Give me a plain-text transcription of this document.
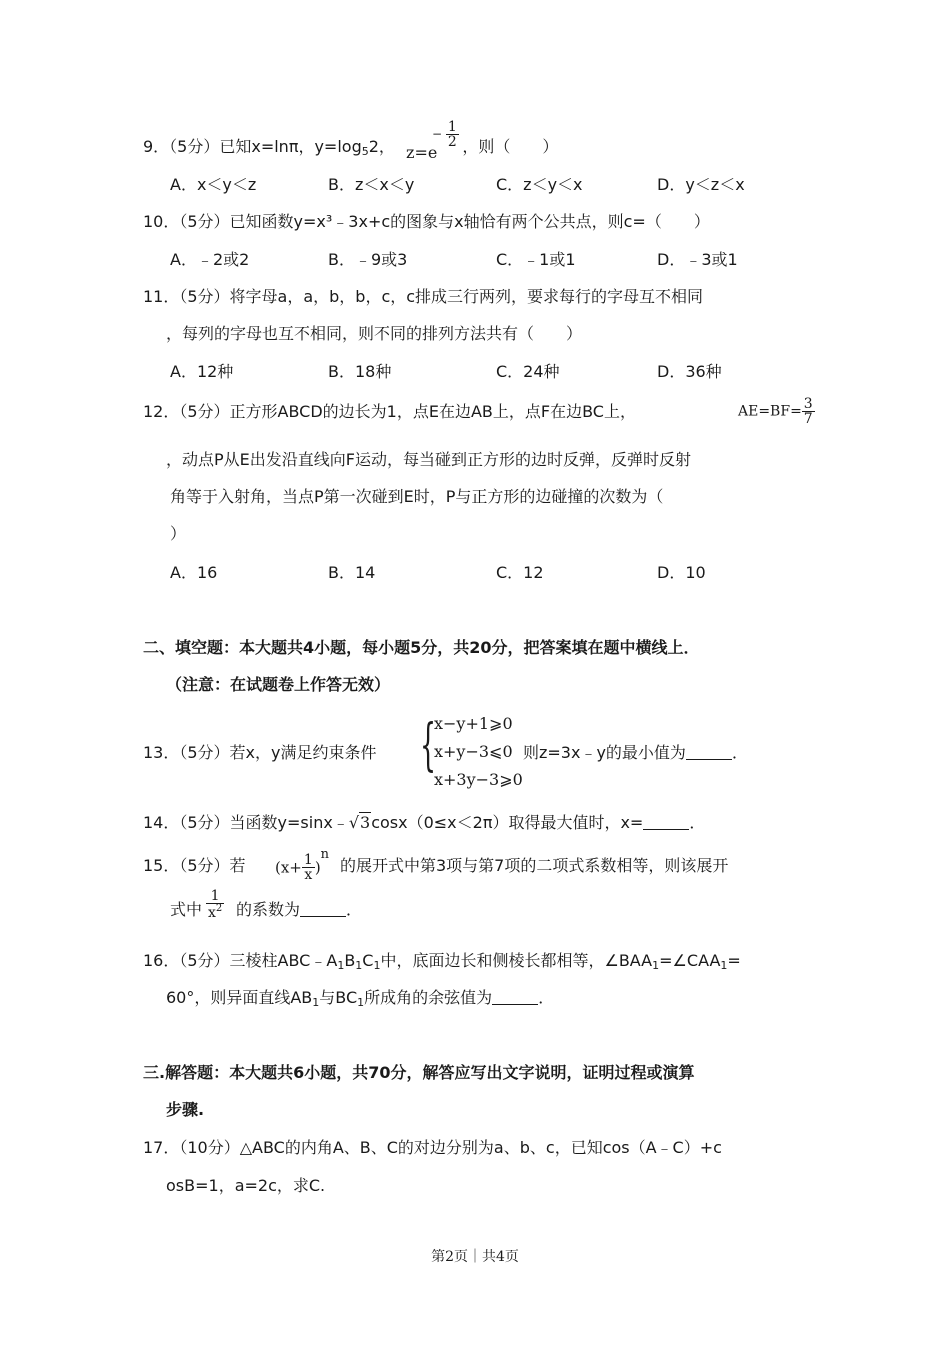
9．（5分）已知x=lnπ，$y=\log_52$， z=e
− $\frac{1}{2}$ ，则（　　）
A．x＜y＜z	B．z＜x＜y	C．z＜y＜x	D．y＜z＜x
10．（5分）已知函数y=x³﹣3x+c的图象与x轴恰有两个公共点，则c=（　　）
A．﹣2或2	B．﹣9或3	C．﹣1或1	D．﹣3或1
11．（5分）将字母a，a，b，b，c，c排成三行两列，要求每行的字母互不相同
，每列的字母也互不相同，则不同的排列方法共有（　　）
A．12种	B．18种	C．24种	D．36种
12．（5分）正方形ABCD的边长为1，点E在边AB上，点F在边BC上，	$AE=BF= \frac{3}{7}$
，动点P从E出发沿直线向F运动，每当碰到正方形的边时反弹，反弹时反射
角等于入射角，当点P第一次碰到E时，P与正方形的边碰撞的次数为（
）
A．16	B．14	C．12	D．10
二、填空题：本大题共4小题，每小题5分，共20分，把答案填在题中横线上．
（注意：在试题卷上作答无效）
13．（5分）若x，y满足约束条件 {
x−y+1⩾0
x+y−3⩽0
x+3y−3⩾0
则z=3x﹣y的最小值为	．
14．（5分）当函数y=sinx﹣√3cosx（0≤x＜2π）取得最大值时，x=	．
15．（5分）若 $(x+ \frac{1}{x} )^n$
的展开式中第3项与第7项的二项式系数相等，则该展开
式中 $\frac{1}{x^2}$ 的系数为	．
16．（5分）三棱柱$ABC﹣A_1B_1C_1$中，底面边长和侧棱长都相等，$\angle BAA_1=\angle CAA_1=$
60°，则异面直线$AB_1$与$BC_1$所成角的余弦值为	．
三.解答题：本大题共6小题，共70分，解答应写出文字说明，证明过程或演算
步骤.
17．（10分）△ABC的内角A、B、C的对边分别为a、b、c，已知cos（A﹣C）+c
osB=1，a=2c，求C.
第2页｜共4页
